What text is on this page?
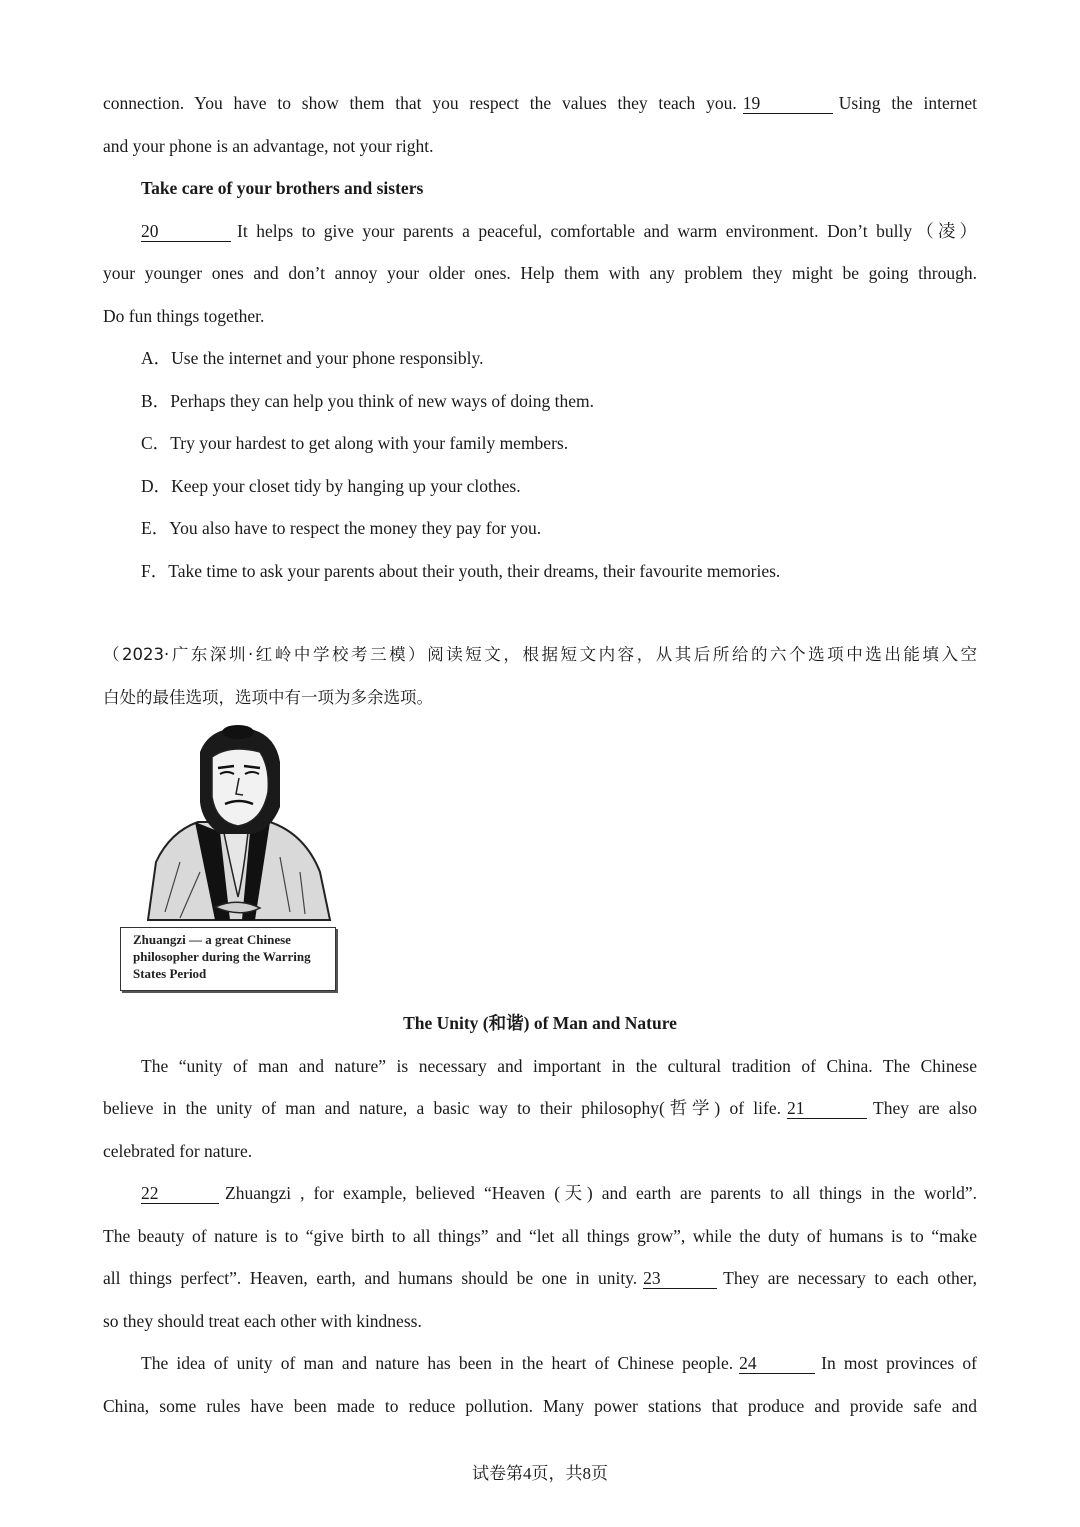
connection. You have to show them that you respect the values they teach you. 19	Using the internet
and your phone is an advantage, not your right.
Take care of your brothers and sisters
20	It helps to give your parents a peaceful, comfortable and warm environment. Don’t bully（凌）
your younger ones and don’t annoy your older ones. Help them with any problem they might be going through.
Do fun things together.
A．Use the internet and your phone responsibly.
B．Perhaps they can help you think of new ways of doing them.
C．Try your hardest to get along with your family members.
D．Keep your closet tidy by hanging up your clothes.
E．You also have to respect the money they pay for you.
F．Take time to ask your parents about their youth, their dreams, their favourite memories.
（2023·广东深圳·红岭中学校考三模）阅读短文，根据短文内容，从其后所给的六个选项中选出能填入空
白处的最佳选项，选项中有一项为多余选项。
Zhuangzi — a great Chinese
philosopher during the Warring
States Period
The Unity (和谐) of Man and Nature
The “unity of man and nature” is necessary and important in the cultural tradition of China. The Chinese
believe in the unity of man and nature, a basic way to their philosophy(哲学) of life. 21	They are also
celebrated for nature.
22	Zhuangzi , for example, believed “Heaven (天) and earth are parents to all things in the world”.
The beauty of nature is to “give birth to all things” and “let all things grow”, while the duty of humans is to “make
all things perfect”. Heaven, earth, and humans should be one in unity. 23	They are necessary to each other,
so they should treat each other with kindness.
The idea of unity of man and nature has been in the heart of Chinese people. 24	In most provinces of
China, some rules have been made to reduce pollution. Many power stations that produce and provide safe and
试卷第4页，共8页
